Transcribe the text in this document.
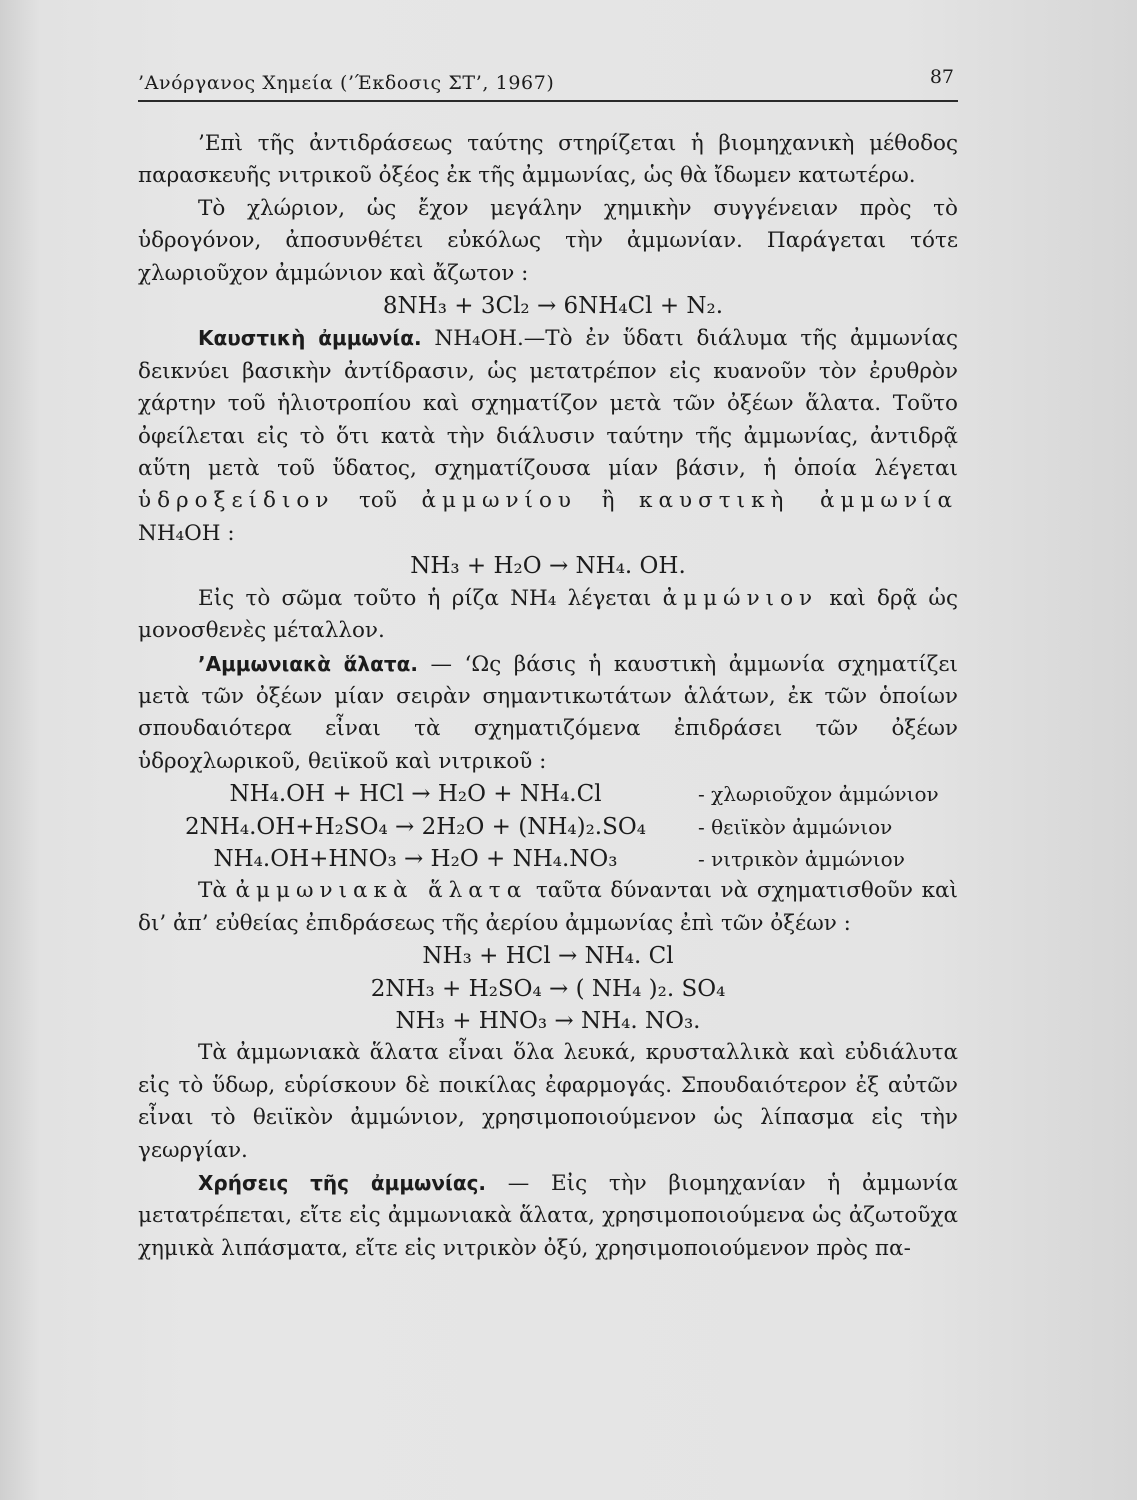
’Ανόργανος Χημεία (’Έκδοσις ΣΤ’, 1967)	87

’Επὶ τῆς ἀντιδράσεως ταύτης στηρίζεται ἡ βιομηχανικὴ μέθοδος παρασκευῆς νιτρικοῦ ὀξέος ἐκ τῆς ἀμμωνίας, ὡς θὰ ἴδωμεν κατωτέρω.

Τὸ χλώριον, ὡς ἔχον μεγάλην χημικὴν συγγένειαν πρὸς τὸ ὑδρογόνον, ἀποσυνθέτει εὐκόλως τὴν ἀμμωνίαν. Παράγεται τότε χλωριοῦχον ἀμμώνιον καὶ ἄζωτον :

8NH₃ + 3Cl₂ → 6NH₄Cl + N₂.

Καυστικὴ ἀμμωνία. NH₄OH.—Τὸ ἐν ὕδατι διάλυμα τῆς ἀμμωνίας δεικνύει βασικὴν ἀντίδρασιν, ὡς μετατρέπον εἰς κυανοῦν τὸν ἐρυθρὸν χάρτην τοῦ ἡλιοτροπίου καὶ σχηματίζον μετὰ τῶν ὀξέων ἅλατα. Τοῦτο ὀφείλεται εἰς τὸ ὅτι κατὰ τὴν διάλυσιν ταύτην τῆς ἀμμωνίας, ἀντιδρᾷ αὕτη μετὰ τοῦ ὕδατος, σχηματίζουσα μίαν βάσιν, ἡ ὁποία λέγεται ὑδροξείδιον τοῦ ἀμμωνίου ἢ καυστικὴ ἀμμωνία NH₄OH :

NH₃ + H₂O → NH₄. OH.

Εἰς τὸ σῶμα τοῦτο ἡ ρίζα NH₄ λέγεται ἀμμώνιον καὶ δρᾷ ὡς μονοσθενὲς μέταλλον.

’Αμμωνιακὰ ἅλατα. — ‘Ως βάσις ἡ καυστικὴ ἀμμωνία σχηματίζει μετὰ τῶν ὀξέων μίαν σειρὰν σημαντικωτάτων ἁλάτων, ἐκ τῶν ὁποίων σπουδαιότερα εἶναι τὰ σχηματιζόμενα ἐπιδράσει τῶν ὀξέων ὑδροχλωρικοῦ, θειϊκοῦ καὶ νιτρικοῦ :

NH₄.OH + HCl → H₂O + NH₄.Cl	- χλωριοῦχον ἀμμώνιον
2NH₄.OH+H₂SO₄ → 2H₂O + (NH₄)₂.SO₄	- θειϊκὸν ἀμμώνιον
NH₄.OH+HNO₃ → H₂O + NH₄.NO₃	- νιτρικὸν ἀμμώνιον

Τὰ ἀμμωνιακὰ ἅλατα ταῦτα δύνανται νὰ σχηματισθοῦν καὶ δι’ ἀπ’ εὐθείας ἐπιδράσεως τῆς ἀερίου ἀμμωνίας ἐπὶ τῶν ὀξέων :

NH₃ + HCl → NH₄. Cl

2NH₃ + H₂SO₄ → ( NH₄ )₂. SO₄

NH₃ + HNO₃ → NH₄. NO₃.

Τὰ ἀμμωνιακὰ ἅλατα εἶναι ὅλα λευκά, κρυσταλλικὰ καὶ εὐδιάλυτα εἰς τὸ ὕδωρ, εὑρίσκουν δὲ ποικίλας ἐφαρμογάς. Σπουδαιότερον ἐξ αὐτῶν εἶναι τὸ θειϊκὸν ἀμμώνιον, χρησιμοποιούμενον ὡς λίπασμα εἰς τὴν γεωργίαν.

Χρήσεις τῆς ἀμμωνίας. — Εἰς τὴν βιομηχανίαν ἡ ἀμμωνία μετατρέπεται, εἴτε εἰς ἀμμωνιακὰ ἅλατα, χρησιμοποιούμενα ὡς ἀζωτοῦχα χημικὰ λιπάσματα, εἴτε εἰς νιτρικὸν ὀξύ, χρησιμοποιούμενον πρὸς πα-
